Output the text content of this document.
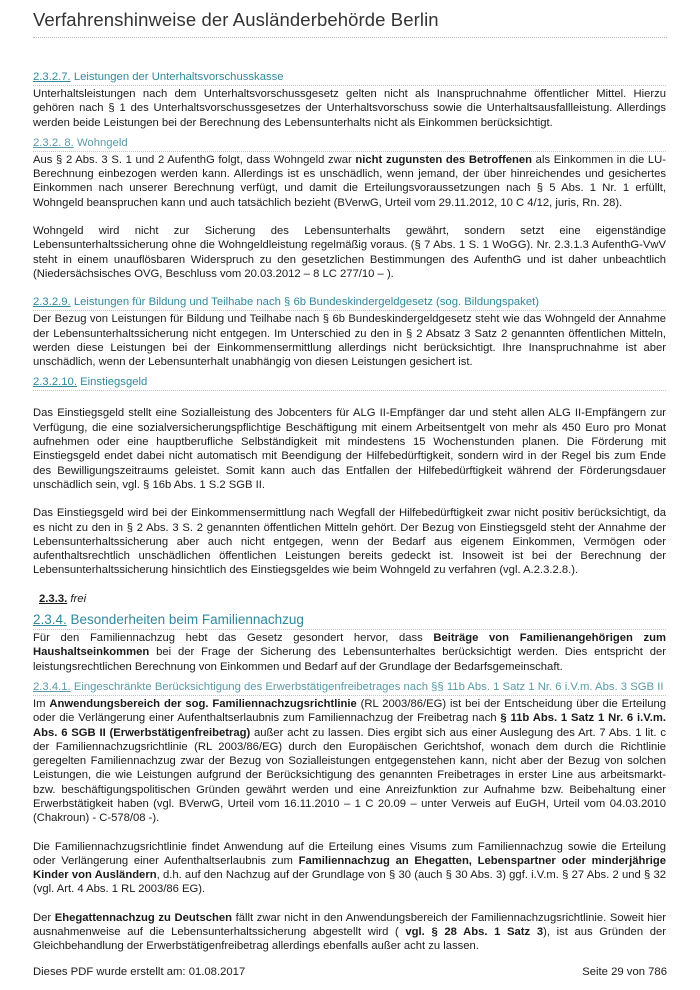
Verfahrenshinweise der Ausländerbehörde Berlin
2.3.2.7. Leistungen der Unterhaltsvorschusskasse

Unterhaltsleistungen nach dem Unterhaltsvorschussgesetz gelten nicht als Inanspruchnahme öffentlicher Mittel. Hierzu gehören nach § 1 des Unterhaltsvorschussgesetzes der Unterhaltsvorschuss sowie die Unterhaltsausfallleistung. Allerdings werden beide Leistungen bei der Berechnung des Lebensunterhalts nicht als Einkommen berücksichtigt.

2.3.2. 8. Wohngeld

Aus § 2 Abs. 3 S. 1 und 2 AufenthG folgt, dass Wohngeld zwar nicht zugunsten des Betroffenen als Einkommen in die LU- Berechnung einbezogen werden kann. Allerdings ist es unschädlich, wenn jemand, der über hinreichendes und gesichertes Einkommen nach unserer Berechnung verfügt, und damit die Erteilungsvoraussetzungen nach § 5 Abs. 1 Nr. 1 erfüllt, Wohngeld beanspruchen kann und auch tatsächlich bezieht (BVerwG, Urteil vom 29.11.2012, 10 C 4/12, juris, Rn. 28).

Wohngeld wird nicht zur Sicherung des Lebensunterhalts gewährt, sondern setzt eine eigenständige Lebensunterhaltssicherung ohne die Wohngeldleistung regelmäßig voraus. (§ 7 Abs. 1 S. 1 WoGG). Nr. 2.3.1.3 AufenthG-VwV steht in einem unauflösbaren Widerspruch zu den gesetzlichen Bestimmungen des AufenthG und ist daher unbeachtlich (Niedersächsisches OVG, Beschluss vom 20.03.2012 – 8 LC 277/10 – ).

2.3.2.9. Leistungen für Bildung und Teilhabe nach § 6b Bundeskindergeldgesetz (sog. Bildungspaket)

Der Bezug von Leistungen für Bildung und Teilhabe nach § 6b Bundeskindergeldgesetz steht wie das Wohngeld der Annahme der Lebensunterhaltssicherung nicht entgegen. Im Unterschied zu den in § 2 Absatz 3 Satz 2 genannten öffentlichen Mitteln, werden diese Leistungen bei der Einkommensermittlung allerdings nicht berücksichtigt. Ihre Inanspruchnahme ist aber unschädlich, wenn der Lebensunterhalt unabhängig von diesen Leistungen gesichert ist.

2.3.2.10. Einstiegsgeld

Das Einstiegsgeld stellt eine Sozialleistung des Jobcenters für ALG II-Empfänger dar und steht allen ALG II-Empfängern zur Verfügung, die eine sozialversicherungspflichtige Beschäftigung mit einem Arbeitsentgelt von mehr als 450 Euro pro Monat aufnehmen oder eine hauptberufliche Selbständigkeit mit mindestens 15 Wochenstunden planen. Die Förderung mit Einstiegsgeld endet dabei nicht automatisch mit Beendigung der Hilfebedürftigkeit, sondern wird in der Regel bis zum Ende des Bewilligungszeitraums geleistet. Somit kann auch das Entfallen der Hilfebedürftigkeit während der Förderungsdauer unschädlich sein, vgl. § 16b Abs. 1 S.2 SGB II.

Das Einstiegsgeld wird bei der Einkommensermittlung nach Wegfall der Hilfebedürftigkeit zwar nicht positiv berücksichtigt, da es nicht zu den in § 2 Abs. 3 S. 2 genannten öffentlichen Mitteln gehört. Der Bezug von Einstiegsgeld steht der Annahme der Lebensunterhaltssicherung aber auch nicht entgegen, wenn der Bedarf aus eigenem Einkommen, Vermögen oder aufenthaltsrechtlich unschädlichen öffentlichen Leistungen bereits gedeckt ist. Insoweit ist bei der Berechnung der Lebensunterhaltssicherung hinsichtlich des Einstiegsgeldes wie beim Wohngeld zu verfahren (vgl. A.2.3.2.8.).

2.3.3. frei
2.3.4. Besonderheiten beim Familiennachzug

Für den Familiennachzug hebt das Gesetz gesondert hervor, dass Beiträge von Familienangehörigen zum Haushaltseinkommen bei der Frage der Sicherung des Lebensunterhaltes berücksichtigt werden. Dies entspricht der leistungsrechtlichen Berechnung von Einkommen und Bedarf auf der Grundlage der Bedarfsgemeinschaft.

2.3.4.1. Eingeschränkte Berücksichtigung des Erwerbstätigenfreibetrages nach §§ 11b Abs. 1 Satz 1 Nr. 6 i.V.m. Abs. 3 SGB II

Im Anwendungsbereich der sog. Familiennachzugsrichtlinie (RL 2003/86/EG) ist bei der Entscheidung über die Erteilung oder die Verlängerung einer Aufenthaltserlaubnis zum Familiennachzug der Freibetrag nach § 11b Abs. 1 Satz 1 Nr. 6 i.V.m. Abs. 6 SGB II (Erwerbstätigenfreibetrag) außer acht zu lassen. Dies ergibt sich aus einer Auslegung des Art. 7 Abs. 1 lit. c der Familiennachzugsrichtlinie (RL 2003/86/EG) durch den Europäischen Gerichtshof, wonach dem durch die Richtlinie geregelten Familiennachzug zwar der Bezug von Sozialleistungen entgegenstehen kann, nicht aber der Bezug von solchen Leistungen, die wie Leistungen aufgrund der Berücksichtigung des genannten Freibetrages in erster Line aus arbeitsmarkt- bzw. beschäftigungspolitischen Gründen gewährt werden und eine Anreizfunktion zur Aufnahme bzw. Beibehaltung einer Erwerbstätigkeit haben (vgl. BVerwG, Urteil vom 16.11.2010 – 1 C 20.09 – unter Verweis auf EuGH, Urteil vom 04.03.2010 (Chakroun) - C-578/08 -).

Die Familiennachzugsrichtlinie findet Anwendung auf die Erteilung eines Visums zum Familiennachzug sowie die Erteilung oder Verlängerung einer Aufenthaltserlaubnis zum Familiennachzug an Ehegatten, Lebenspartner oder minderjährige Kinder von Ausländern, d.h. auf den Nachzug auf der Grundlage von § 30 (auch § 30 Abs. 3) ggf. i.V.m. § 27 Abs. 2 und § 32 (vgl. Art. 4 Abs. 1 RL 2003/86 EG).

Der Ehegattennachzug zu Deutschen fällt zwar nicht in den Anwendungsbereich der Familiennachzugsrichtlinie. Soweit hier ausnahmenweise auf die Lebensunterhaltssicherung abgestellt wird ( vgl. § 28 Abs. 1 Satz 3), ist aus Gründen der Gleichbehandlung der Erwerbstätigenfreibetrag allerdings ebenfalls außer acht zu lassen.

Dieses PDF wurde erstellt am: 01.08.2017	Seite 29 von 786
